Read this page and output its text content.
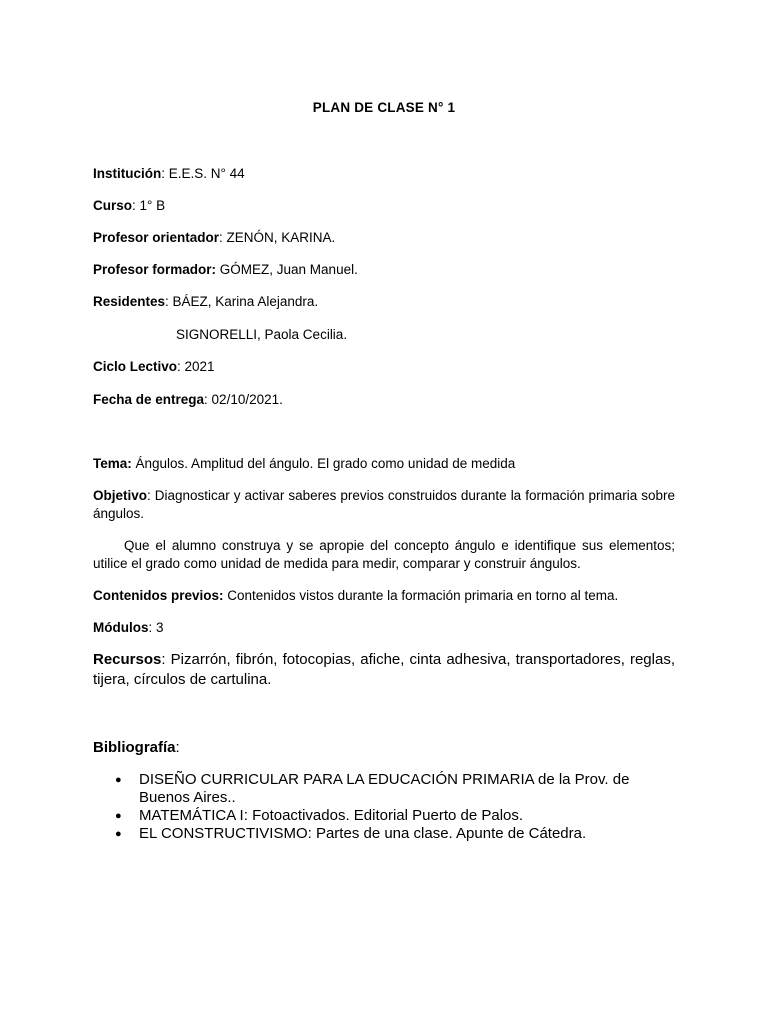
PLAN DE CLASE N° 1
Institución: E.E.S. N° 44
Curso: 1° B
Profesor orientador: ZENÓN, KARINA.
Profesor formador: GÓMEZ, Juan Manuel.
Residentes: BÁEZ, Karina Alejandra.
SIGNORELLI, Paola Cecilia.
Ciclo Lectivo: 2021
Fecha de entrega: 02/10/2021.
Tema: Ángulos. Amplitud del ángulo. El grado como unidad de medida
Objetivo: Diagnosticar y activar saberes previos construidos durante la formación primaria sobre ángulos.
Que el alumno construya y se apropie del concepto ángulo e identifique sus elementos; utilice el grado como unidad de medida para medir, comparar y construir ángulos.
Contenidos previos: Contenidos vistos durante la formación primaria en torno al tema.
Módulos: 3
Recursos: Pizarrón, fibrón, fotocopias, afiche, cinta adhesiva, transportadores, reglas, tijera, círculos de cartulina.
Bibliografía:
● DISEÑO CURRICULAR PARA LA EDUCACIÓN PRIMARIA de la Prov. de Buenos Aires..
● MATEMÁTICA I: Fotoactivados. Editorial Puerto de Palos.
● EL CONSTRUCTIVISMO: Partes de una clase. Apunte de Cátedra.
